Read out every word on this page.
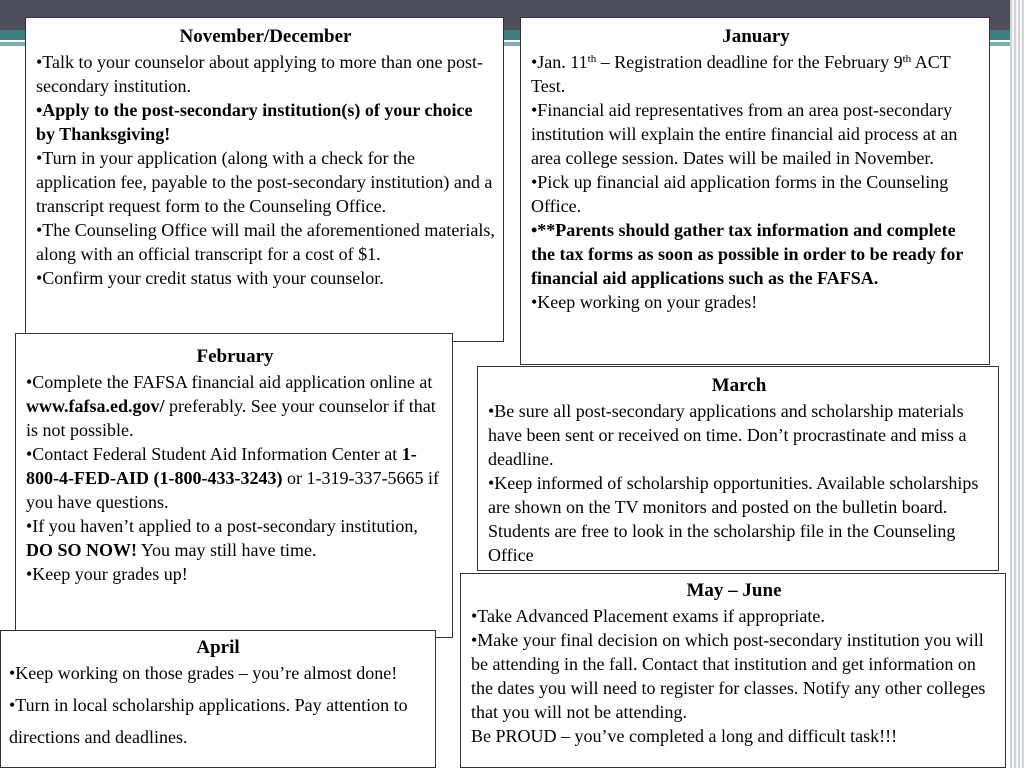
November/December

•Talk to your counselor about applying to more than one post-secondary institution.

•Apply to the post-secondary institution(s) of your choice by Thanksgiving!

•Turn in your application (along with a check for the application fee, payable to the post-secondary institution) and a transcript request form to the Counseling Office.

•The Counseling Office will mail the aforementioned materials, along with an official transcript for a cost of $1.

•Confirm your credit status with your counselor.

January

•Jan. 11th – Registration deadline for the February 9th ACT Test.

•Financial aid representatives from an area post-secondary institution will explain the entire financial aid process at an area college session. Dates will be mailed in November.

•Pick up financial aid application forms in the Counseling Office.

•**Parents should gather tax information and complete the tax forms as soon as possible in order to be ready for financial aid applications such as the FAFSA.

•Keep working on your grades!

February

•Complete the FAFSA financial aid application online at www.fafsa.ed.gov/ preferably. See your counselor if that is not possible.

•Contact Federal Student Aid Information Center at 1-800-4-FED-AID (1-800-433-3243) or 1-319-337-5665 if you have questions.

•If you haven’t applied to a post-secondary institution, DO SO NOW! You may still have time.

•Keep your grades up!

March

•Be sure all post-secondary applications and scholarship materials have been sent or received on time. Don’t procrastinate and miss a deadline.

•Keep informed of scholarship opportunities. Available scholarships are shown on the TV monitors and posted on the bulletin board. Students are free to look in the scholarship file in the Counseling Office

May – June

•Take Advanced Placement exams if appropriate.

•Make your final decision on which post-secondary institution you will be attending in the fall. Contact that institution and get information on the dates you will need to register for classes. Notify any other colleges that you will not be attending.

Be PROUD – you’ve completed a long and difficult task!!!

April

•Keep working on those grades – you’re almost done!

•Turn in local scholarship applications. Pay attention to directions and deadlines.
